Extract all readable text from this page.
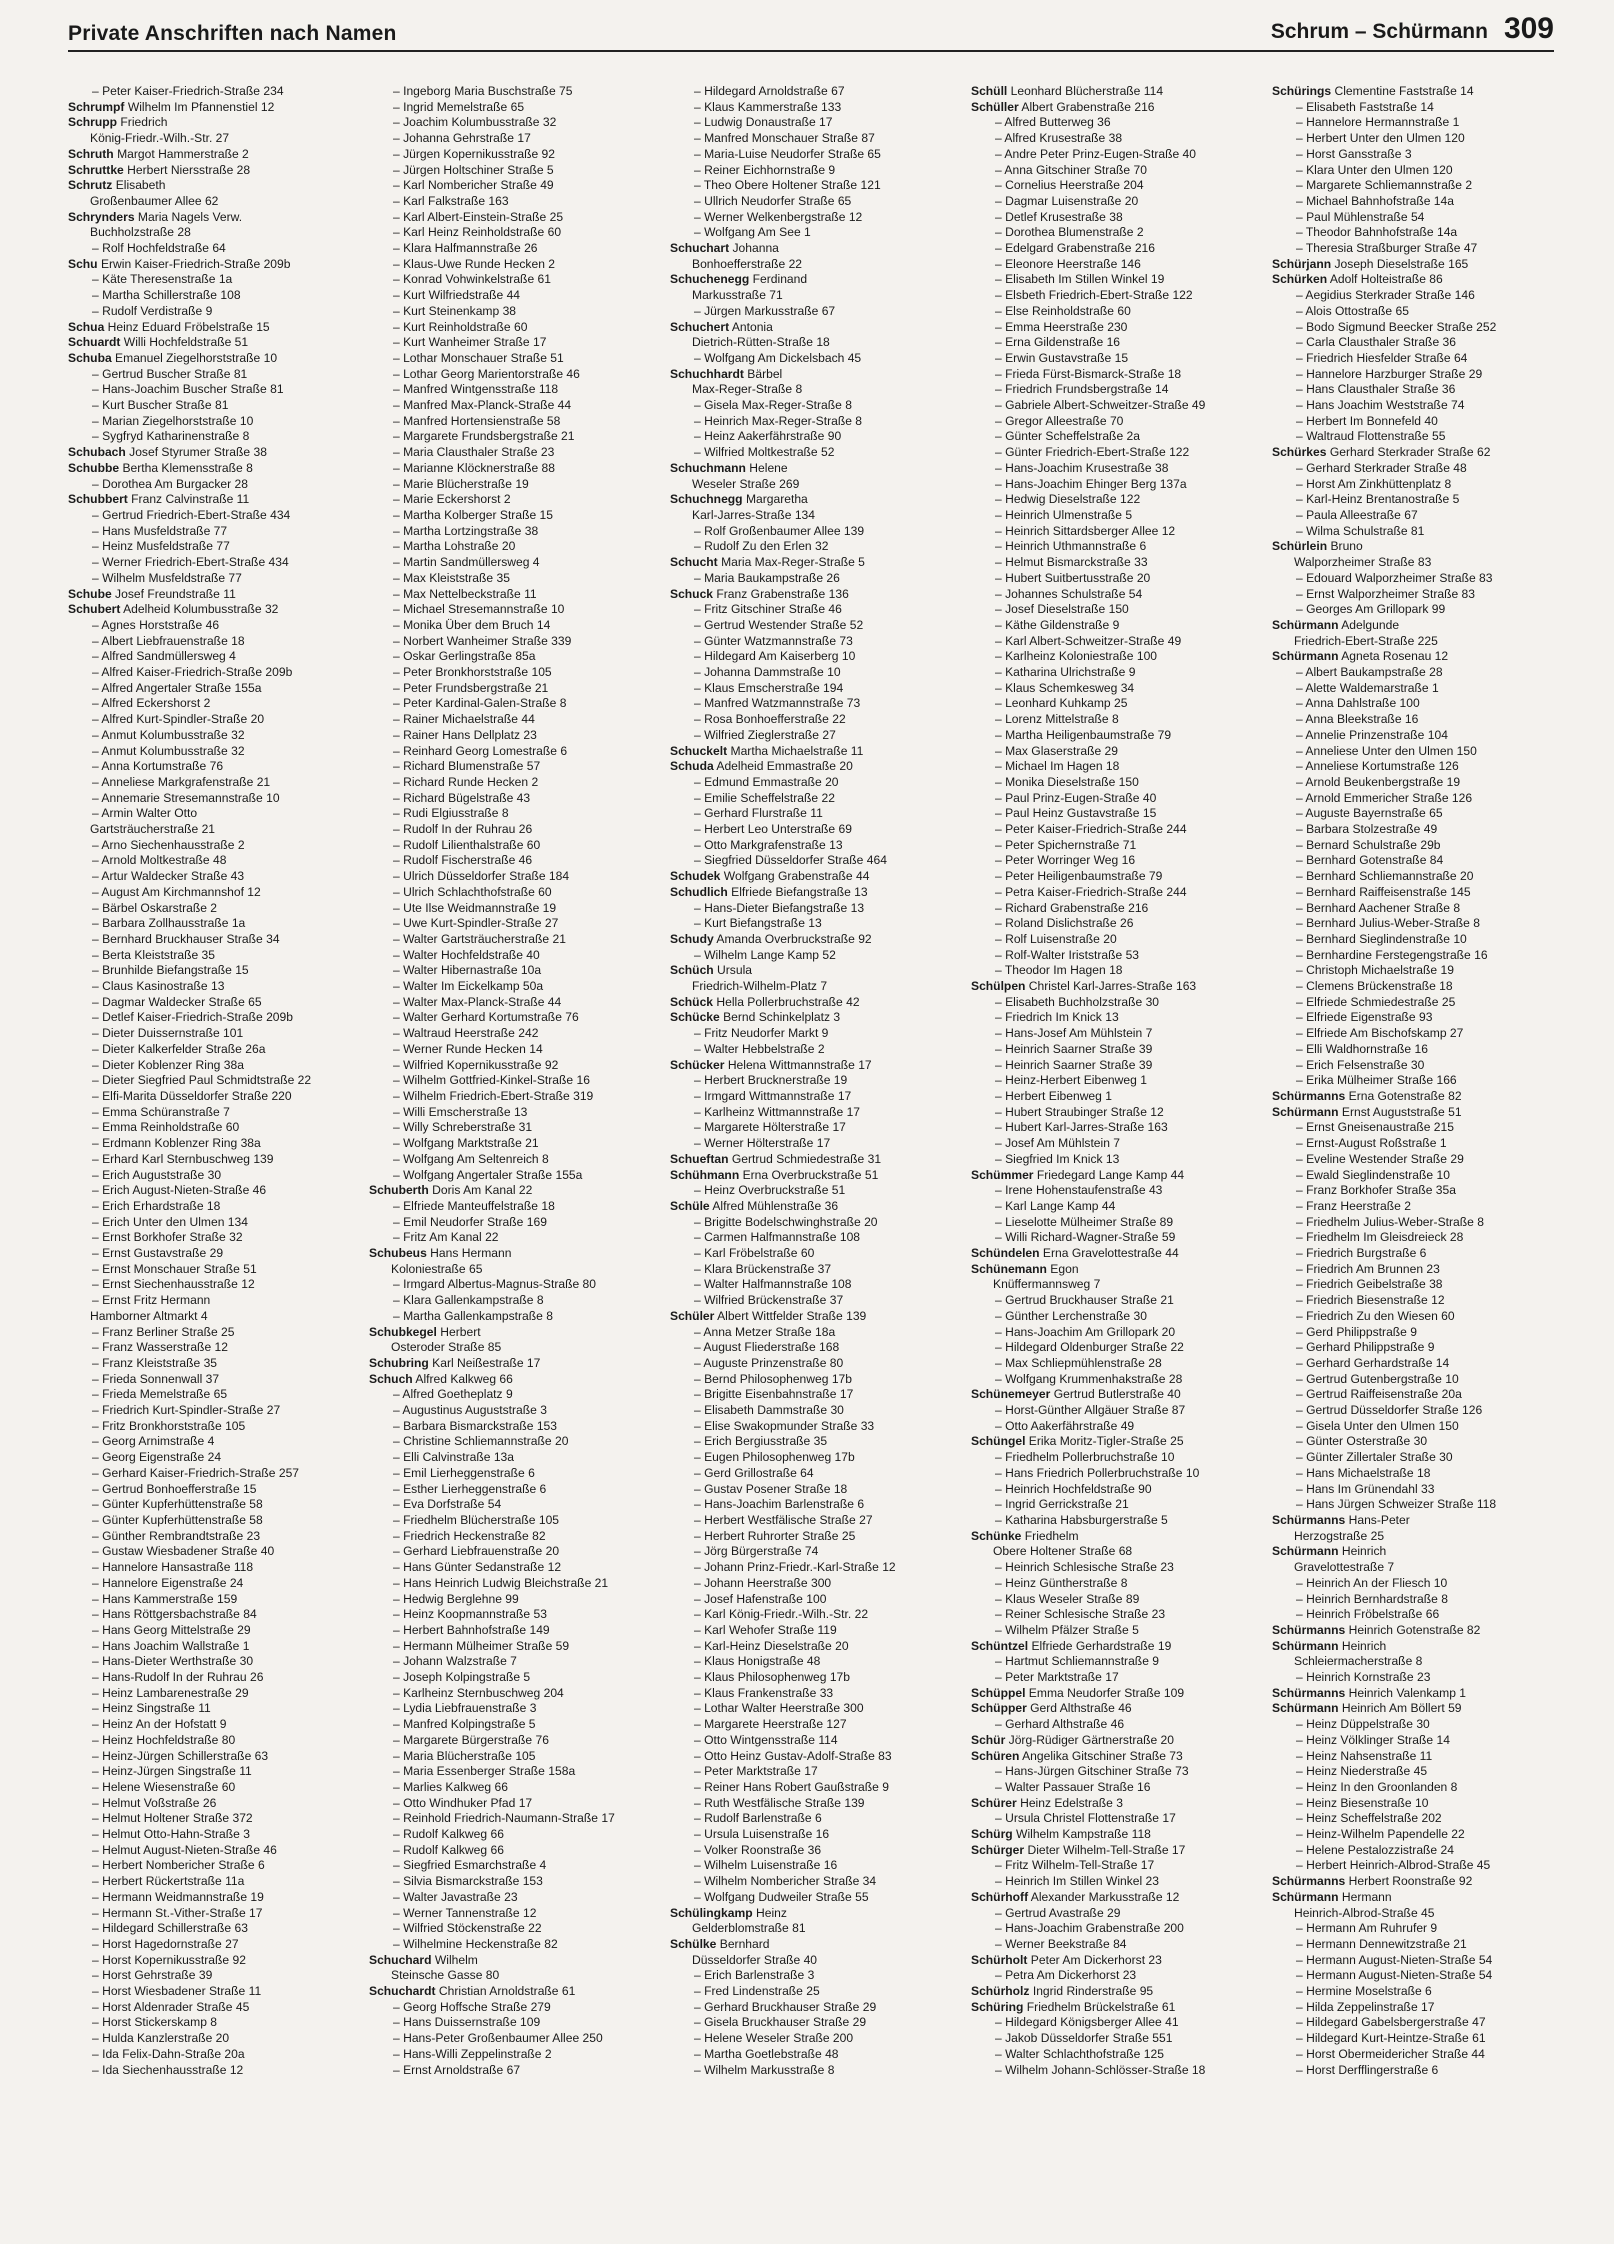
Private Anschriften nach Namen	Schrum – Schürmann 309
– Peter Kaiser-Friedrich-Straße 234
Schrumpf Wilhelm Im Pfannenstiel 12
Schrupp Friedrich
König-Friedr.-Wilh.-Str. 27
Schruth Margot Hammerstraße 2
Schruttke Herbert Niersstraße 28
Schrutz Elisabeth
Großenbaumer Allee 62
Schrynders Maria Nagels Verw.
Buchholzstraße 28
– Rolf Hochfeldstraße 64
Schu Erwin Kaiser-Friedrich-Straße 209b
– Käte Theresenstraße 1a
– Martha Schillerstraße 108
– Rudolf Verdistraße 9
Schua Heinz Eduard Fröbelstraße 15
Schuardt Willi Hochfeldstraße 51
Schuba Emanuel Ziegelhorststraße 10
– Gertrud Buscher Straße 81
– Hans-Joachim Buscher Straße 81
– Kurt Buscher Straße 81
– Marian Ziegelhorststraße 10
– Sygfryd Katharinenstraße 8
Schubach Josef Styrumer Straße 38
Schubbe Bertha Klemensstraße 8
– Dorothea Am Burgacker 28
Schubbert Franz Calvinstraße 11
– Gertrud Friedrich-Ebert-Straße 434
– Hans Musfeldstraße 77
– Heinz Musfeldstraße 77
– Werner Friedrich-Ebert-Straße 434
– Wilhelm Musfeldstraße 77
Schube Josef Freundstraße 11
Schubert Adelheid Kolumbusstraße 32
– Agnes Horststraße 46
– Albert Liebfrauenstraße 18
– Alfred Sandmüllersweg 4
– Alfred Kaiser-Friedrich-Straße 209b
– Alfred Angertaler Straße 155a
– Alfred Eckershorst 2
– Alfred Kurt-Spindler-Straße 20
– Anmut Kolumbusstraße 32
– Anmut Kolumbusstraße 32
– Anna Kortumstraße 76
– Anneliese Markgrafenstraße 21
– Annemarie Stresemannstraße 10
– Armin Walter Otto
Gartsträucherstraße 21
– Arno Siechenhausstraße 2
– Arnold Moltkestraße 48
– Artur Waldecker Straße 43
– August Am Kirchmannshof 12
– Bärbel Oskarstraße 2
– Barbara Zollhausstraße 1a
– Bernhard Bruckhauser Straße 34
– Berta Kleiststraße 35
– Brunhilde Biefangstraße 15
– Claus Kasinostraße 13
– Dagmar Waldecker Straße 65
– Detlef Kaiser-Friedrich-Straße 209b
– Dieter Duissernstraße 101
– Dieter Kalkerfelder Straße 26a
– Dieter Koblenzer Ring 38a
– Dieter Siegfried Paul Schmidtstraße 22
– Elfi-Marita Düsseldorfer Straße 220
– Emma Schüranstraße 7
– Emma Reinholdstraße 60
– Erdmann Koblenzer Ring 38a
– Erhard Karl Sternbuschweg 139
– Erich Auguststraße 30
– Erich August-Nieten-Straße 46
– Erich Erhardstraße 18
– Erich Unter den Ulmen 134
– Ernst Borkhofer Straße 32
– Ernst Gustavstraße 29
– Ernst Monschauer Straße 51
– Ernst Siechenhausstraße 12
– Ernst Fritz Hermann
Hamborner Altmarkt 4
– Franz Berliner Straße 25
– Franz Wasserstraße 12
– Franz Kleiststraße 35
– Frieda Sonnenwall 37
– Frieda Memelstraße 65
– Friedrich Kurt-Spindler-Straße 27
– Fritz Bronkhorststraße 105
– Georg Arnimstraße 4
– Georg Eigenstraße 24
– Gerhard Kaiser-Friedrich-Straße 257
– Gertrud Bonhoefferstraße 15
– Günter Kupferhüttenstraße 58
– Günter Kupferhüttenstraße 58
– Günther Rembrandtstraße 23
– Gustaw Wiesbadener Straße 40
– Hannelore Hansastraße 118
– Hannelore Eigenstraße 24
– Hans Kammerstraße 159
– Hans Röttgersbachstraße 84
– Hans Georg Mittelstraße 29
– Hans Joachim Wallstraße 1
– Hans-Dieter Werthstraße 30
– Hans-Rudolf In der Ruhrau 26
– Heinz Lambarenestraße 29
– Heinz Singstraße 11
– Heinz An der Hofstatt 9
– Heinz Hochfeldstraße 80
– Heinz-Jürgen Schillerstraße 63
– Heinz-Jürgen Singstraße 11
– Helene Wiesenstraße 60
– Helmut Voßstraße 26
– Helmut Holtener Straße 372
– Helmut Otto-Hahn-Straße 3
– Helmut August-Nieten-Straße 46
– Herbert Nombericher Straße 6
– Herbert Rückertstraße 11a
– Hermann Weidmannstraße 19
– Hermann St.-Vither-Straße 17
– Hildegard Schillerstraße 63
– Horst Hagedornstraße 27
– Horst Kopernikusstraße 92
– Horst Gehrstraße 39
– Horst Wiesbadener Straße 11
– Horst Aldenrader Straße 45
– Horst Stickerskamp 8
– Hulda Kanzlerstraße 20
– Ida Felix-Dahn-Straße 20a
– Ida Siechenhausstraße 12
– Ingeborg Maria Buschstraße 75
– Ingrid Memelstraße 65
– Joachim Kolumbusstraße 32
– Johanna Gehrstraße 17
– Jürgen Kopernikusstraße 92
– Jürgen Holtschiner Straße 5
– Karl Nombericher Straße 49
– Karl Falkstraße 163
– Karl Albert-Einstein-Straße 25
– Karl Heinz Reinholdstraße 60
– Klara Halfmannstraße 26
– Klaus-Uwe Runde Hecken 2
– Konrad Vohwinkelstraße 61
– Kurt Wilfriedstraße 44
– Kurt Steinenkamp 38
– Kurt Reinholdstraße 60
– Kurt Wanheimer Straße 17
– Lothar Monschauer Straße 51
– Lothar Georg Marientorstraße 46
– Manfred Wintgensstraße 118
– Manfred Max-Planck-Straße 44
– Manfred Hortensienstraße 58
– Margarete Frundsbergstraße 21
– Maria Clausthaler Straße 23
– Marianne Klöcknerstraße 88
– Marie Blücherstraße 19
– Marie Eckershorst 2
– Martha Kolberger Straße 15
– Martha Lortzingstraße 38
– Martha Lohstraße 20
– Martin Sandmüllersweg 4
– Max Kleiststraße 35
– Max Nettelbeckstraße 11
– Michael Stresemannstraße 10
– Monika Über dem Bruch 14
– Norbert Wanheimer Straße 339
– Oskar Gerlingstraße 85a
– Peter Bronkhorststraße 105
– Peter Frundsbergstraße 21
– Peter Kardinal-Galen-Straße 8
– Rainer Michaelstraße 44
– Rainer Hans Dellplatz 23
– Reinhard Georg Lomestraße 6
– Richard Blumenstraße 57
– Richard Runde Hecken 2
– Richard Bügelstraße 43
– Rudi Elgiusstraße 8
– Rudolf In der Ruhrau 26
– Rudolf Lilienthalstraße 60
– Rudolf Fischerstraße 46
– Ulrich Düsseldorfer Straße 184
– Ulrich Schlachthofstraße 60
– Ute Ilse Weidmannstraße 19
– Uwe Kurt-Spindler-Straße 27
– Walter Gartsträucherstraße 21
– Walter Hochfeldstraße 40
– Walter Hibernastraße 10a
– Walter Im Eickelkamp 50a
– Walter Max-Planck-Straße 44
– Walter Gerhard Kortumstraße 76
– Waltraud Heerstraße 242
– Werner Runde Hecken 14
– Wilfried Kopernikusstraße 92
– Wilhelm Gottfried-Kinkel-Straße 16
– Wilhelm Friedrich-Ebert-Straße 319
– Willi Emscherstraße 13
– Willy Schreberstraße 31
– Wolfgang Marktstraße 21
– Wolfgang Am Seltenreich 8
– Wolfgang Angertaler Straße 155a
Schuberth Doris Am Kanal 22
– Elfriede Manteuffelstraße 18
– Emil Neudorfer Straße 169
– Fritz Am Kanal 22
Schubeus Hans Hermann
Koloniestraße 65
– Irmgard Albertus-Magnus-Straße 80
– Klara Gallenkampstraße 8
– Martha Gallenkampstraße 8
Schubkegel Herbert
Osteroder Straße 85
Schubring Karl Neißestraße 17
Schuch Alfred Kalkweg 66
– Alfred Goetheplatz 9
– Augustinus Auguststraße 3
– Barbara Bismarckstraße 153
– Christine Schliemannstraße 20
– Elli Calvinstraße 13a
– Emil Lierheggenstraße 6
– Esther Lierheggenstraße 6
– Eva Dorfstraße 54
– Friedhelm Blücherstraße 105
– Friedrich Heckenstraße 82
– Gerhard Liebfrauenstraße 20
– Hans Günter Sedanstraße 12
– Hans Heinrich Ludwig Bleichstraße 21
– Hedwig Berglehne 99
– Heinz Koopmannstraße 53
– Herbert Bahnhofstraße 149
– Hermann Mülheimer Straße 59
– Johann Walzstraße 7
– Joseph Kolpingstraße 5
– Karlheinz Sternbuschweg 204
– Lydia Liebfrauenstraße 3
– Manfred Kolpingstraße 5
– Margarete Bürgerstraße 76
– Maria Blücherstraße 105
– Maria Essenberger Straße 158a
– Marlies Kalkweg 66
– Otto Windhuker Pfad 17
– Reinhold Friedrich-Naumann-Straße 17
– Rudolf Kalkweg 66
– Rudolf Kalkweg 66
– Siegfried Esmarchstraße 4
– Silvia Bismarckstraße 153
– Walter Javastraße 23
– Werner Tannenstraße 12
– Wilfried Stöckenstraße 22
– Wilhelmine Heckenstraße 82
Schuchard Wilhelm
Steinsche Gasse 80
Schuchardt Christian Arnoldstraße 61
– Georg Hoffsche Straße 279
– Hans Duissernstraße 109
– Hans-Peter Großenbaumer Allee 250
– Hans-Willi Zeppelinstraße 2
– Ernst Arnoldstraße 67
– Hildegard Arnoldstraße 67
– Klaus Kammerstraße 133
– Ludwig Donaustraße 17
– Manfred Monschauer Straße 87
– Maria-Luise Neudorfer Straße 65
– Reiner Eichhornstraße 9
– Theo Obere Holtener Straße 121
– Ullrich Neudorfer Straße 65
– Werner Welkenbergstraße 12
– Wolfgang Am See 1
Schuchart Johanna
Bonhoefferstraße 22
Schuchenegg Ferdinand
Markusstraße 71
– Jürgen Markusstraße 67
Schuchert Antonia
Dietrich-Rütten-Straße 18
– Wolfgang Am Dickelsbach 45
Schuchhardt Bärbel
Max-Reger-Straße 8
– Gisela Max-Reger-Straße 8
– Heinrich Max-Reger-Straße 8
– Heinz Aakerfährstraße 90
– Wilfried Moltkestraße 52
Schuchmann Helene
Weseler Straße 269
Schuchnegg Margaretha
Karl-Jarres-Straße 134
– Rolf Großenbaumer Allee 139
– Rudolf Zu den Erlen 32
Schucht Maria Max-Reger-Straße 5
– Maria Baukampstraße 26
Schuck Franz Grabenstraße 136
– Fritz Gitschiner Straße 46
– Gertrud Westender Straße 52
– Günter Watzmannstraße 73
– Hildegard Am Kaiserberg 10
– Johanna Dammstraße 10
– Klaus Emscherstraße 194
– Manfred Watzmannstraße 73
– Rosa Bonhoefferstraße 22
– Wilfried Zieglerstraße 27
Schuckelt Martha Michaelstraße 11
Schuda Adelheid Emmastraße 20
– Edmund Emmastraße 20
– Emilie Scheffelstraße 22
– Gerhard Flurstraße 11
– Herbert Leo Unterstraße 69
– Otto Markgrafenstraße 13
– Siegfried Düsseldorfer Straße 464
Schudek Wolfgang Grabenstraße 44
Schudlich Elfriede Biefangstraße 13
– Hans-Dieter Biefangstraße 13
– Kurt Biefangstraße 13
Schudy Amanda Overbruckstraße 92
– Wilhelm Lange Kamp 52
Schüch Ursula
Friedrich-Wilhelm-Platz 7
Schück Hella Pollerbruchstraße 42
Schücke Bernd Schinkelplatz 3
– Fritz Neudorfer Markt 9
– Walter Hebbelstraße 2
Schücker Helena Wittmannstraße 17
– Herbert Brucknerstraße 19
– Irmgard Wittmannstraße 17
– Karlheinz Wittmannstraße 17
– Margarete Hölterstraße 17
– Werner Hölterstraße 17
Schueftan Gertrud Schmiedestraße 31
Schühmann Erna Overbruckstraße 51
– Heinz Overbruckstraße 51
Schüle Alfred Mühlenstraße 36
– Brigitte Bodelschwinghstraße 20
– Carmen Halfmannstraße 108
– Karl Fröbelstraße 60
– Klara Brückenstraße 37
– Walter Halfmannstraße 108
– Wilfried Brückenstraße 37
Schüler Albert Wittfelder Straße 139
– Anna Metzer Straße 18a
– August Fliederstraße 168
– Auguste Prinzenstraße 80
– Bernd Philosophenweg 17b
– Brigitte Eisenbahnstraße 17
– Elisabeth Dammstraße 30
– Elise Swakopmunder Straße 33
– Erich Bergiusstraße 35
– Eugen Philosophenweg 17b
– Gerd Grillostraße 64
– Gustav Posener Straße 18
– Hans-Joachim Barlenstraße 6
– Herbert Westfälische Straße 27
– Herbert Ruhrorter Straße 25
– Jörg Bürgerstraße 74
– Johann Prinz-Friedr.-Karl-Straße 12
– Johann Heerstraße 300
– Josef Hafenstraße 100
– Karl König-Friedr.-Wilh.-Str. 22
– Karl Wehofer Straße 119
– Karl-Heinz Dieselstraße 20
– Klaus Honigstraße 48
– Klaus Philosophenweg 17b
– Klaus Frankenstraße 33
– Lothar Walter Heerstraße 300
– Margarete Heerstraße 127
– Otto Wintgensstraße 114
– Otto Heinz Gustav-Adolf-Straße 83
– Peter Marktstraße 17
– Reiner Hans Robert Gaußstraße 9
– Ruth Westfälische Straße 139
– Rudolf Barlenstraße 6
– Ursula Luisenstraße 16
– Volker Roonstraße 36
– Wilhelm Luisenstraße 16
– Wilhelm Nombericher Straße 34
– Wolfgang Dudweiler Straße 55
Schülingkamp Heinz
Gelderblomstraße 81
Schülke Bernhard
Düsseldorfer Straße 40
– Erich Barlenstraße 3
– Fred Lindenstraße 25
– Gerhard Bruckhauser Straße 29
– Gisela Bruckhauser Straße 29
– Helene Weseler Straße 200
– Martha Goetlebstraße 48
– Wilhelm Markusstraße 8
Schüll Leonhard Blücherstraße 114
Schüller Albert Grabenstraße 216
– Alfred Butterweg 36
– Alfred Krusestraße 38
– Andre Peter Prinz-Eugen-Straße 40
– Anna Gitschiner Straße 70
– Cornelius Heerstraße 204
– Dagmar Luisenstraße 20
– Detlef Krusestraße 38
– Dorothea Blumenstraße 2
– Edelgard Grabenstraße 216
– Eleonore Heerstraße 146
– Elisabeth Im Stillen Winkel 19
– Elsbeth Friedrich-Ebert-Straße 122
– Else Reinholdstraße 60
– Emma Heerstraße 230
– Erna Gildenstraße 16
– Erwin Gustavstraße 15
– Frieda Fürst-Bismarck-Straße 18
– Friedrich Frundsbergstraße 14
– Gabriele Albert-Schweitzer-Straße 49
– Gregor Alleestraße 70
– Günter Scheffelstraße 2a
– Günter Friedrich-Ebert-Straße 122
– Hans-Joachim Krusestraße 38
– Hans-Joachim Ehinger Berg 137a
– Hedwig Dieselstraße 122
– Heinrich Ulmenstraße 5
– Heinrich Sittardsberger Allee 12
– Heinrich Uthmannstraße 6
– Helmut Bismarckstraße 33
– Hubert Suitbertusstraße 20
– Johannes Schulstraße 54
– Josef Dieselstraße 150
– Käthe Gildenstraße 9
– Karl Albert-Schweitzer-Straße 49
– Karlheinz Koloniestraße 100
– Katharina Ulrichstraße 9
– Klaus Schemkesweg 34
– Leonhard Kuhkamp 25
– Lorenz Mittelstraße 8
– Martha Heiligenbaumstraße 79
– Max Glaserstraße 29
– Michael Im Hagen 18
– Monika Dieselstraße 150
– Paul Prinz-Eugen-Straße 40
– Paul Heinz Gustavstraße 15
– Peter Kaiser-Friedrich-Straße 244
– Peter Spichernstraße 71
– Peter Worringer Weg 16
– Peter Heiligenbaumstraße 79
– Petra Kaiser-Friedrich-Straße 244
– Richard Grabenstraße 216
– Roland Dislichstraße 26
– Rolf Luisenstraße 20
– Rolf-Walter Iriststraße 53
– Theodor Im Hagen 18
Schülpen Christel Karl-Jarres-Straße 163
– Elisabeth Buchholzstraße 30
– Friedrich Im Knick 13
– Hans-Josef Am Mühlstein 7
– Heinrich Saarner Straße 39
– Heinrich Saarner Straße 39
– Heinz-Herbert Eibenweg 1
– Herbert Eibenweg 1
– Hubert Straubinger Straße 12
– Hubert Karl-Jarres-Straße 163
– Josef Am Mühlstein 7
– Siegfried Im Knick 13
Schümmer Friedegard Lange Kamp 44
– Irene Hohenstaufenstraße 43
– Karl Lange Kamp 44
– Lieselotte Mülheimer Straße 89
– Willi Richard-Wagner-Straße 59
Schündelen Erna Gravelottestraße 44
Schünemann Egon
Knüffermannsweg 7
– Gertrud Bruckhauser Straße 21
– Günther Lerchenstraße 30
– Hans-Joachim Am Grillopark 20
– Hildegard Oldenburger Straße 22
– Max Schliepmühlenstraße 28
– Wolfgang Krummenhakstraße 28
Schünemeyer Gertrud Butlerstraße 40
– Horst-Günther Allgäuer Straße 87
– Otto Aakerfährstraße 49
Schüngel Erika Moritz-Tigler-Straße 25
– Friedhelm Pollerbruchstraße 10
– Hans Friedrich Pollerbruchstraße 10
– Heinrich Hochfeldstraße 90
– Ingrid Gerrickstraße 21
– Katharina Habsburgerstraße 5
Schünke Friedhelm
Obere Holtener Straße 68
– Heinrich Schlesische Straße 23
– Heinz Güntherstraße 8
– Klaus Weseler Straße 89
– Reiner Schlesische Straße 23
– Wilhelm Pfälzer Straße 5
Schüntzel Elfriede Gerhardstraße 19
– Hartmut Schliemannstraße 9
– Peter Marktstraße 17
Schüppel Emma Neudorfer Straße 109
Schüpper Gerd Althstraße 46
– Gerhard Althstraße 46
Schür Jörg-Rüdiger Gärtnerstraße 20
Schüren Angelika Gitschiner Straße 73
– Hans-Jürgen Gitschiner Straße 73
– Walter Passauer Straße 16
Schürer Heinz Edelstraße 3
– Ursula Christel Flottenstraße 17
Schürg Wilhelm Kampstraße 118
Schürger Dieter Wilhelm-Tell-Straße 17
– Fritz Wilhelm-Tell-Straße 17
– Heinrich Im Stillen Winkel 23
Schürhoff Alexander Markusstraße 12
– Gertrud Avastraße 29
– Hans-Joachim Grabenstraße 200
– Werner Beekstraße 84
Schürholt Peter Am Dickerhorst 23
– Petra Am Dickerhorst 23
Schürholz Ingrid Rinderstraße 95
Schüring Friedhelm Brückelstraße 61
– Hildegard Königsberger Allee 41
– Jakob Düsseldorfer Straße 551
– Walter Schlachthofstraße 125
– Wilhelm Johann-Schlösser-Straße 18
Schürings Clementine Faststraße 14
– Elisabeth Faststraße 14
– Hannelore Hermannstraße 1
– Herbert Unter den Ulmen 120
– Horst Gansstraße 3
– Klara Unter den Ulmen 120
– Margarete Schliemannstraße 2
– Michael Bahnhofstraße 14a
– Paul Mühlenstraße 54
– Theodor Bahnhofstraße 14a
– Theresia Straßburger Straße 47
Schürjann Joseph Dieselstraße 165
Schürken Adolf Holteistraße 86
– Aegidius Sterkrader Straße 146
– Alois Ottostraße 65
– Bodo Sigmund Beecker Straße 252
– Carla Clausthaler Straße 36
– Friedrich Hiesfelder Straße 64
– Hannelore Harzburger Straße 29
– Hans Clausthaler Straße 36
– Hans Joachim Weststraße 74
– Herbert Im Bonnefeld 40
– Waltraud Flottenstraße 55
Schürkes Gerhard Sterkrader Straße 62
– Gerhard Sterkrader Straße 48
– Horst Am Zinkhüttenplatz 8
– Karl-Heinz Brentanostraße 5
– Paula Alleestraße 67
– Wilma Schulstraße 81
Schürlein Bruno
Walporzheimer Straße 83
– Edouard Walporzheimer Straße 83
– Ernst Walporzheimer Straße 83
– Georges Am Grillopark 99
Schürmann Adelgunde
Friedrich-Ebert-Straße 225
Schürmann Agneta Rosenau 12
– Albert Baukampstraße 28
– Alette Waldemarstraße 1
– Anna Dahlstraße 100
– Anna Bleekstraße 16
– Annelie Prinzenstraße 104
– Anneliese Unter den Ulmen 150
– Anneliese Kortumstraße 126
– Arnold Beukenbergstraße 19
– Arnold Emmericher Straße 126
– Auguste Bayernstraße 65
– Barbara Stolzestraße 49
– Bernard Schulstraße 29b
– Bernhard Gotenstraße 84
– Bernhard Schliemannstraße 20
– Bernhard Raiffeisenstraße 145
– Bernhard Aachener Straße 8
– Bernhard Julius-Weber-Straße 8
– Bernhard Sieglindenstraße 10
– Bernhardine Ferstegengstraße 16
– Christoph Michaelstraße 19
– Clemens Brückenstraße 18
– Elfriede Schmiedestraße 25
– Elfriede Eigenstraße 93
– Elfriede Am Bischofskamp 27
– Elli Waldhornstraße 16
– Erich Felsenstraße 30
– Erika Mülheimer Straße 166
Schürmanns Erna Gotenstraße 82
Schürmann Ernst Auguststraße 51
– Ernst Gneisenaustraße 215
– Ernst-August Roßstraße 1
– Eveline Westender Straße 29
– Ewald Sieglindenstraße 10
– Franz Borkhofer Straße 35a
– Franz Heerstraße 2
– Friedhelm Julius-Weber-Straße 8
– Friedhelm Im Gleisdreieck 28
– Friedrich Burgstraße 6
– Friedrich Am Brunnen 23
– Friedrich Geibelstraße 38
– Friedrich Biesenstraße 12
– Friedrich Zu den Wiesen 60
– Gerd Philippstraße 9
– Gerhard Philippstraße 9
– Gerhard Gerhardstraße 14
– Gertrud Gutenbergstraße 10
– Gertrud Raiffeisenstraße 20a
– Gertrud Düsseldorfer Straße 126
– Gisela Unter den Ulmen 150
– Günter Osterstraße 30
– Günter Zillertaler Straße 30
– Hans Michaelstraße 18
– Hans Im Grünendahl 33
– Hans Jürgen Schweizer Straße 118
Schürmanns Hans-Peter
Herzogstraße 25
Schürmann Heinrich
Gravelottestraße 7
– Heinrich An der Fliesch 10
– Heinrich Bernhardstraße 8
– Heinrich Fröbelstraße 66
Schürmanns Heinrich Gotenstraße 82
Schürmann Heinrich
Schleiermacherstraße 8
– Heinrich Kornstraße 23
Schürmanns Heinrich Valenkamp 1
Schürmann Heinrich Am Böllert 59
– Heinz Düppelstraße 30
– Heinz Völklinger Straße 14
– Heinz Nahsenstraße 11
– Heinz Niederstraße 45
– Heinz In den Groonlanden 8
– Heinz Biesenstraße 10
– Heinz Scheffelstraße 202
– Heinz-Wilhelm Papendelle 22
– Helene Pestalozzistraße 24
– Herbert Heinrich-Albrod-Straße 45
Schürmanns Herbert Roonstraße 92
Schürmann Hermann
Heinrich-Albrod-Straße 45
– Hermann Am Ruhrufer 9
– Hermann Dennewitzstraße 21
– Hermann August-Nieten-Straße 54
– Hermann August-Nieten-Straße 54
– Hermine Moselstraße 6
– Hilda Zeppelinstraße 17
– Hildegard Gabelsbergerstraße 47
– Hildegard Kurt-Heintze-Straße 61
– Horst Obermeidericher Straße 44
– Horst Derfflingerstraße 6
